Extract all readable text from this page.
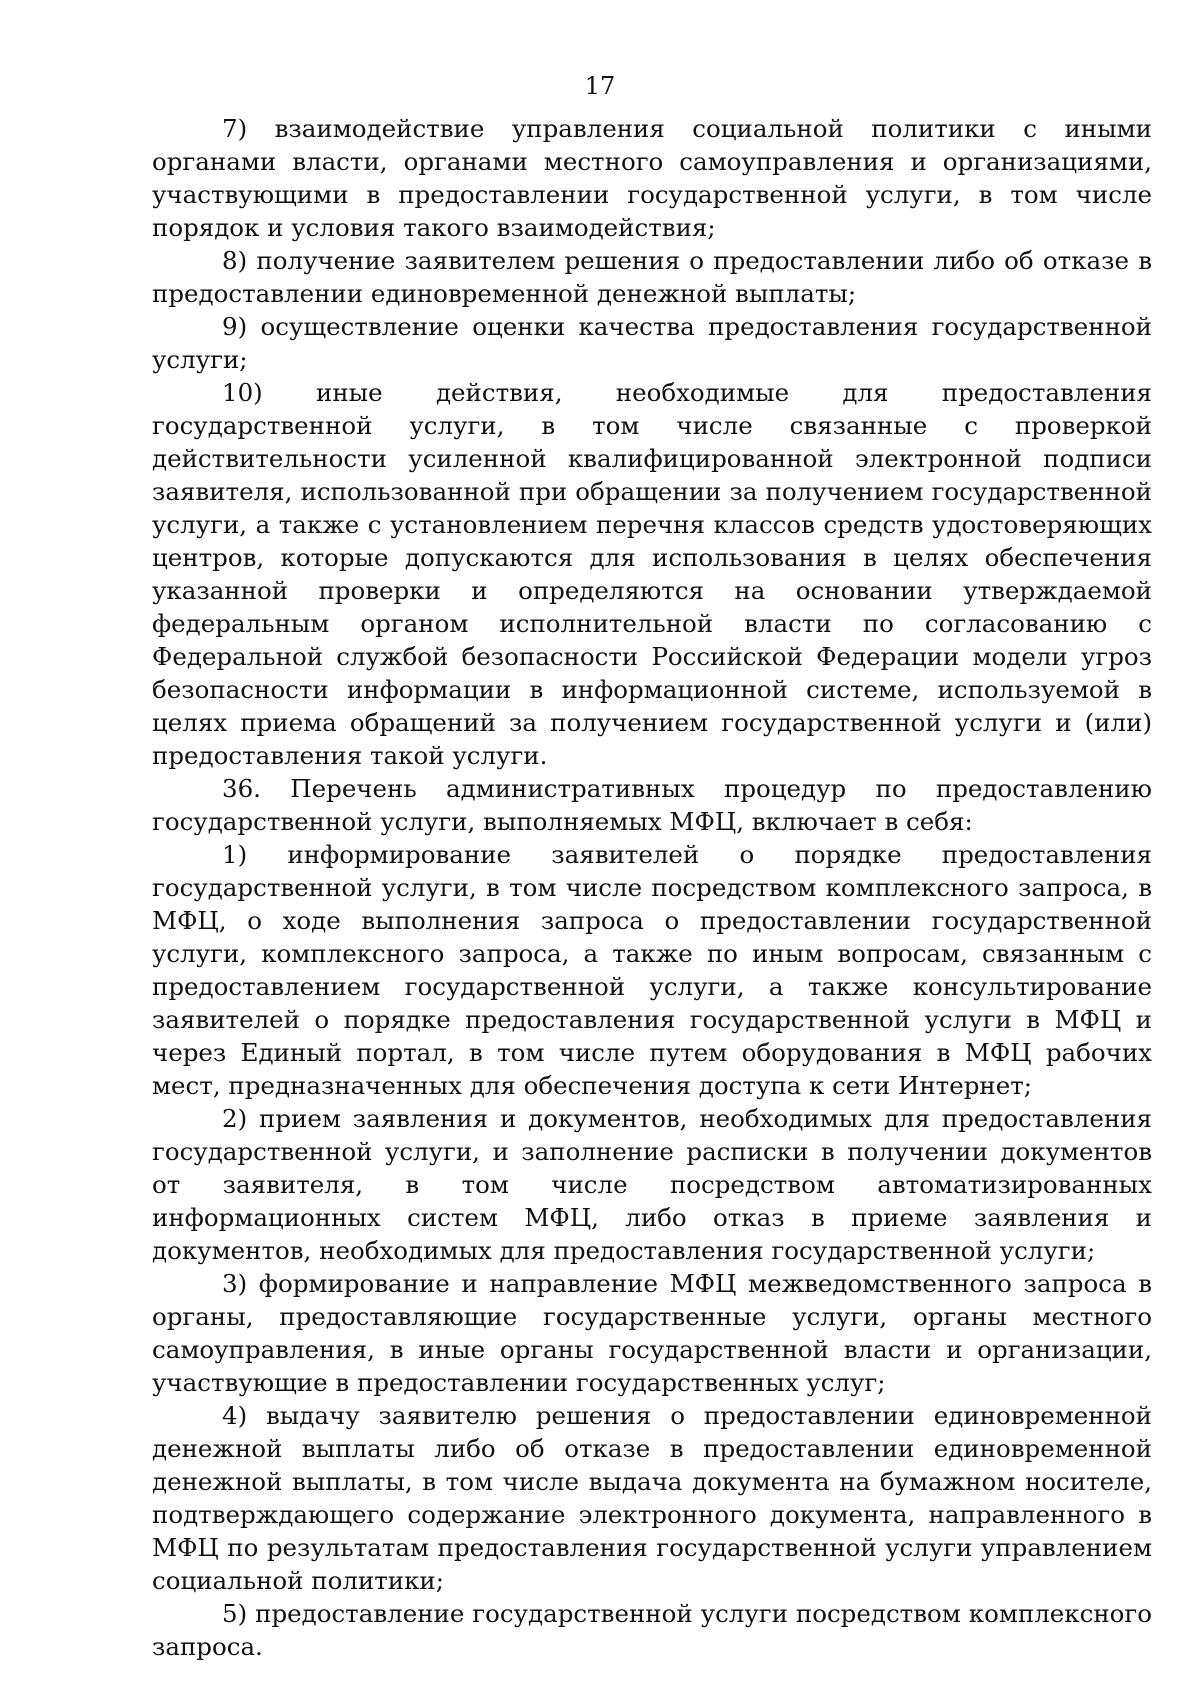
17

7) взаимодействие управления социальной политики с иными органами власти, органами местного самоуправления и организациями, участвующими в предоставлении государственной услуги, в том числе порядок и условия такого взаимодействия;

8) получение заявителем решения о предоставлении либо об отказе в предоставлении единовременной денежной выплаты;

9) осуществление оценки качества предоставления государственной услуги;

10) иные действия, необходимые для предоставления государственной услуги, в том числе связанные с проверкой действительности усиленной квалифицированной электронной подписи заявителя, использованной при обращении за получением государственной услуги, а также с установлением перечня классов средств удостоверяющих центров, которые допускаются для использования в целях обеспечения указанной проверки и определяются на основании утверждаемой федеральным органом исполнительной власти по согласованию с Федеральной службой безопасности Российской Федерации модели угроз безопасности информации в информационной системе, используемой в целях приема обращений за получением государственной услуги и (или) предоставления такой услуги.

36. Перечень административных процедур по предоставлению государственной услуги, выполняемых МФЦ, включает в себя:

1) информирование заявителей о порядке предоставления государственной услуги, в том числе посредством комплексного запроса, в МФЦ, о ходе выполнения запроса о предоставлении государственной услуги, комплексного запроса, а также по иным вопросам, связанным с предоставлением государственной услуги, а также консультирование заявителей о порядке предоставления государственной услуги в МФЦ и через Единый портал, в том числе путем оборудования в МФЦ рабочих мест, предназначенных для обеспечения доступа к сети Интернет;

2) прием заявления и документов, необходимых для предоставления государственной услуги, и заполнение расписки в получении документов от заявителя, в том числе посредством автоматизированных информационных систем МФЦ, либо отказ в приеме заявления и документов, необходимых для предоставления государственной услуги;

3) формирование и направление МФЦ межведомственного запроса в органы, предоставляющие государственные услуги, органы местного самоуправления, в иные органы государственной власти и организации, участвующие в предоставлении государственных услуг;

4) выдачу заявителю решения о предоставлении единовременной денежной выплаты либо об отказе в предоставлении единовременной денежной выплаты, в том числе выдача документа на бумажном носителе, подтверждающего содержание электронного документа, направленного в МФЦ по результатам предоставления государственной услуги управлением социальной политики;

5) предоставление государственной услуги посредством комплексного запроса.
